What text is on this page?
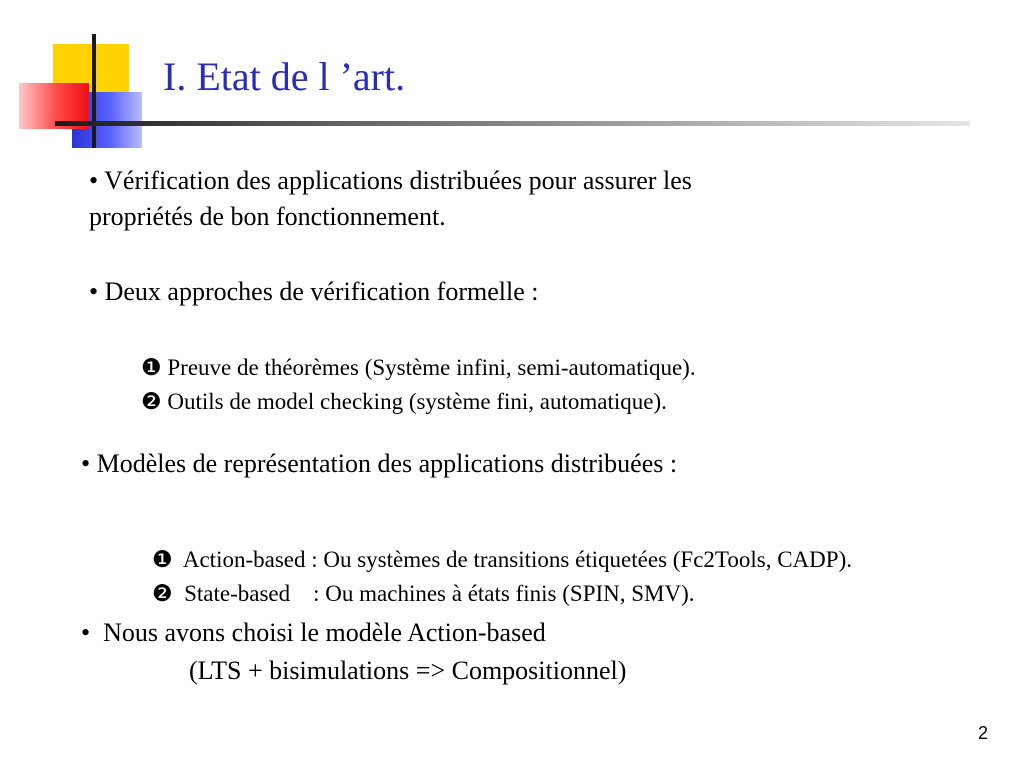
I. Etat de l ’art.
• Vérification des applications distribuées pour assurer les
propriétés de bon fonctionnement.
• Deux approches de vérification formelle :
❶ Preuve de théorèmes (Système infini, semi-automatique).
❷ Outils de model checking (système fini, automatique).
• Modèles de représentation des applications distribuées :

❶  Action-based : Ou systèmes de transitions étiquetées (Fc2Tools, CADP).

❷  State-based    : Ou machines à états finis (SPIN, SMV).

•  Nous avons choisi le modèle Action-based
(LTS + bisimulations => Compositionnel)
2
